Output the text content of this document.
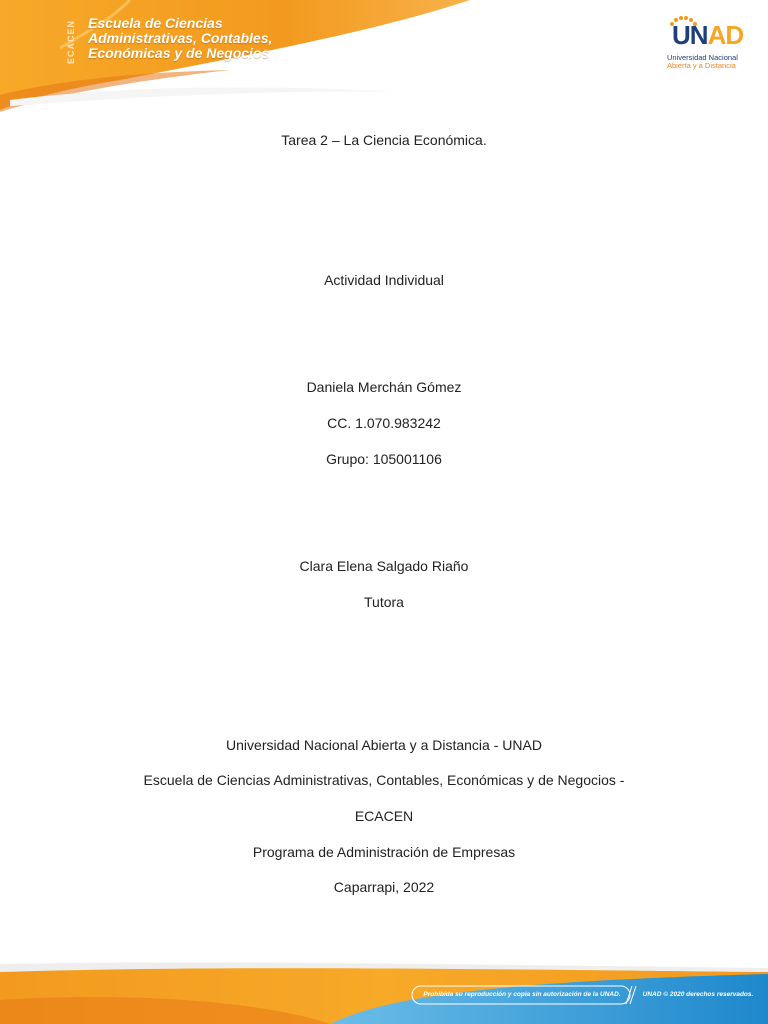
ECACEN Escuela de Ciencias
Administrativas, Contables,
Económicas y de Negocios
UNAD
Universidad Nacional
Abierta y a Distancia
Tarea 2 – La Ciencia Económica.
Actividad Individual
Daniela Merchán Gómez
CC. 1.070.983242
Grupo: 105001106
Clara Elena Salgado Riaño
Tutora
Universidad Nacional Abierta y a Distancia - UNAD
Escuela de Ciencias Administrativas, Contables, Económicas y de Negocios -
ECACEN
Programa de Administración de Empresas
Caparrapi, 2022
Prohibida su reproducción y copia sin autorización de la UNAD.	UNAD © 2020 derechos reservados.
